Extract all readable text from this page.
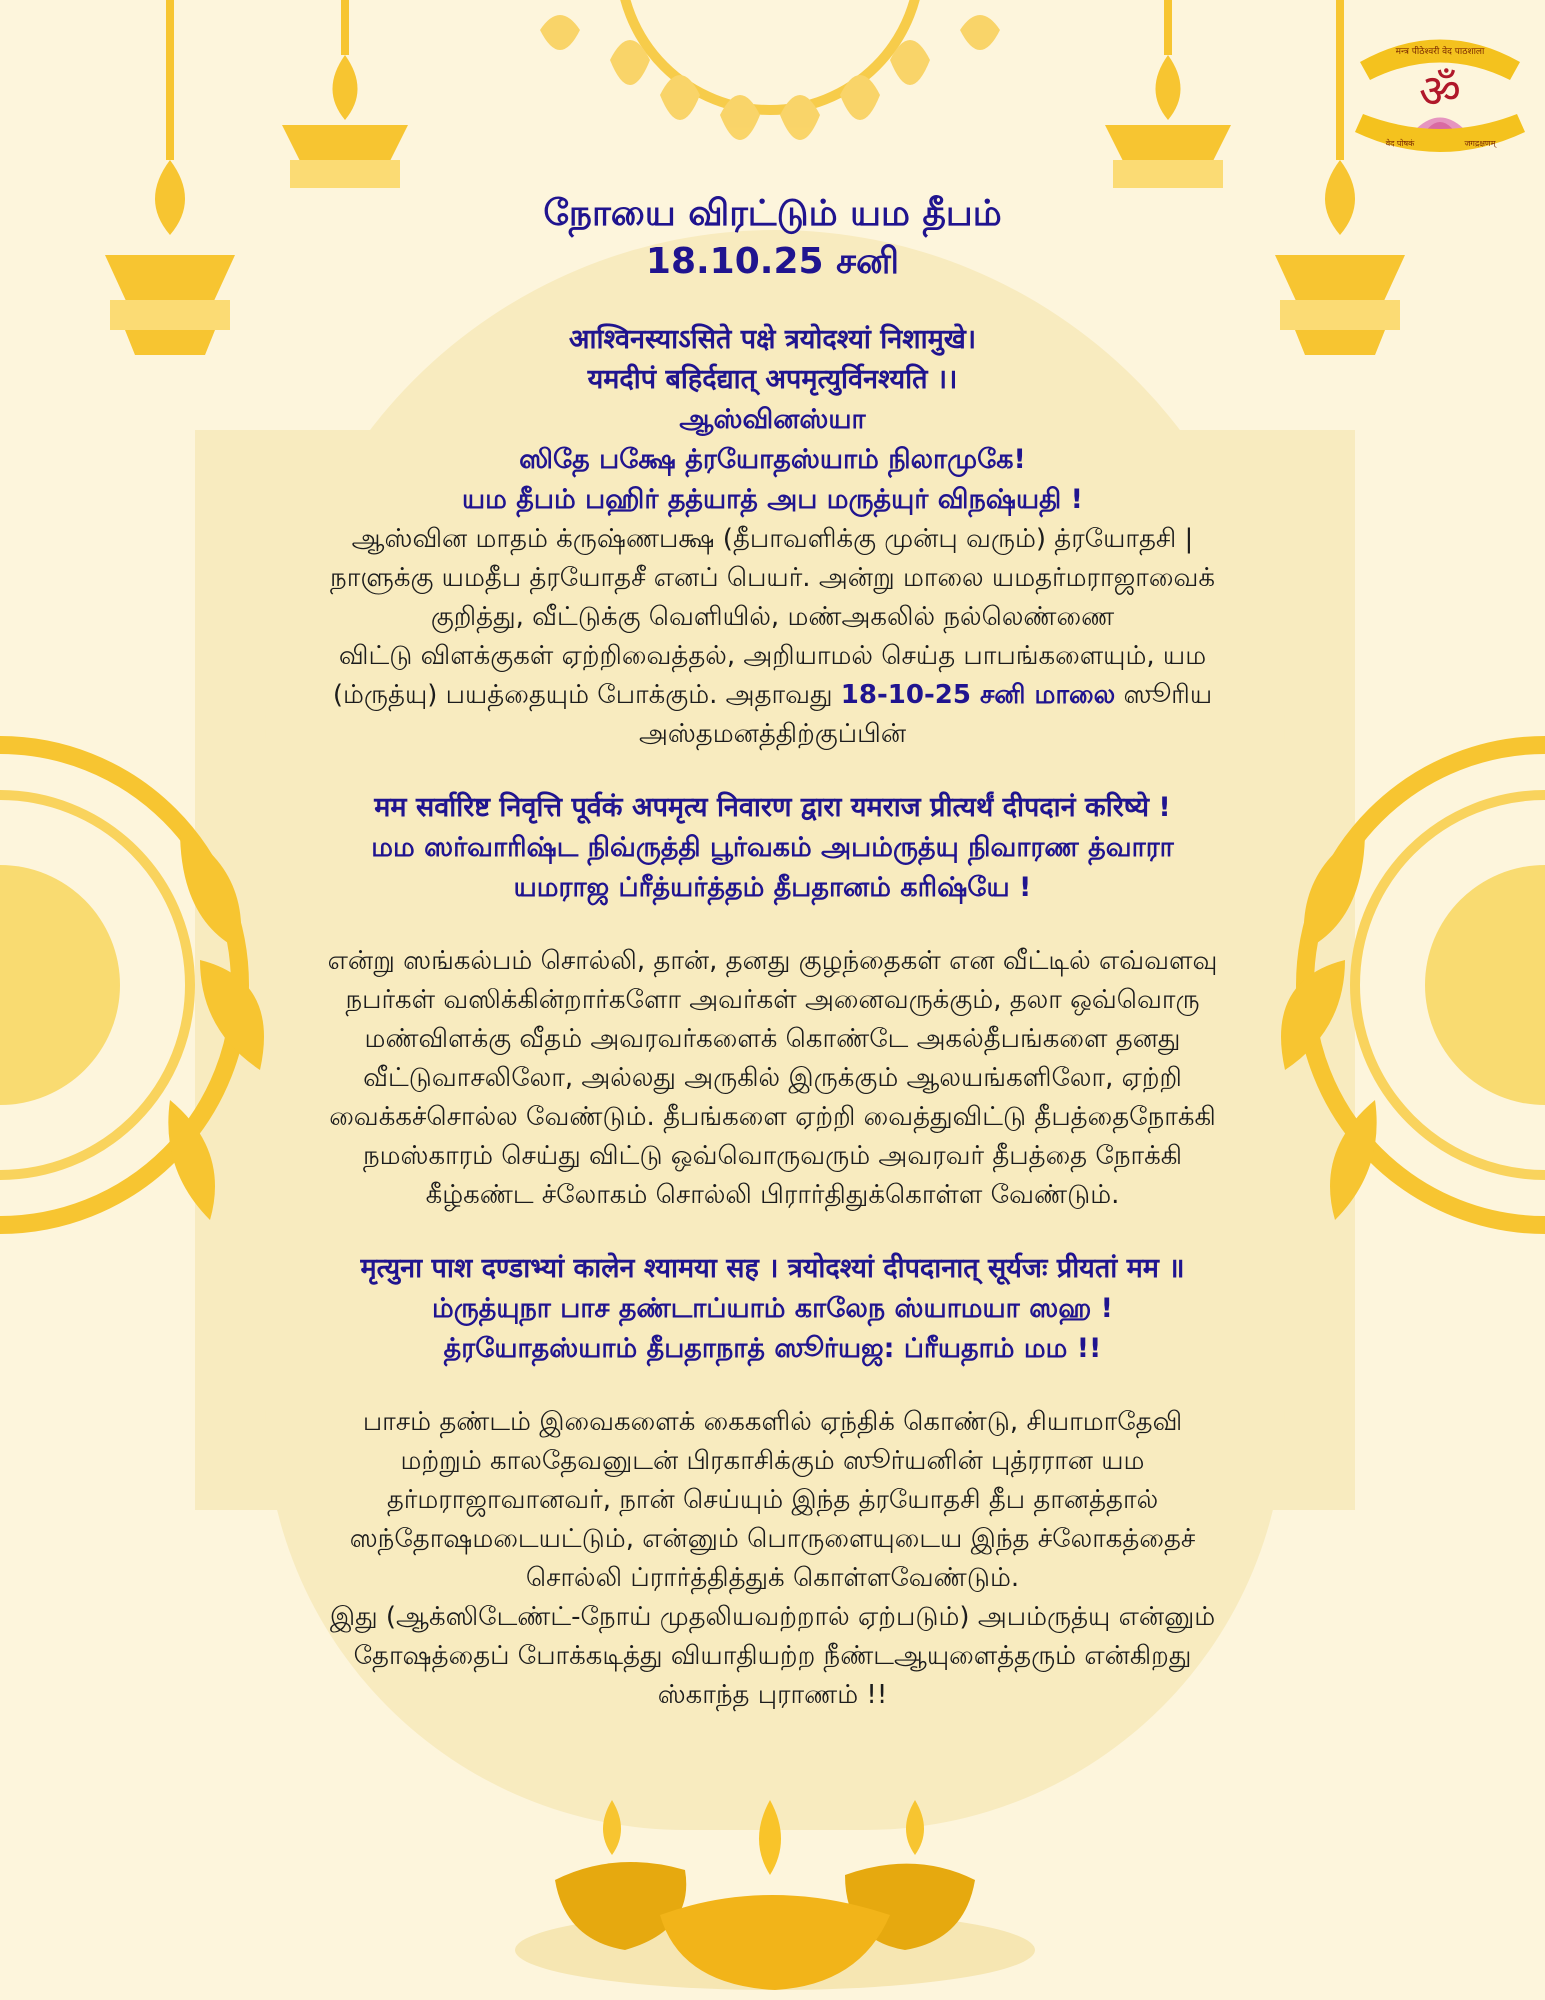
मन्त्र पीठेश्वरी वेद पाठशाला
ॐ
वेद पोषकं	जगद्रक्षणम्
நோயை விரட்டும் யம தீபம்
18.10.25 சனி
आश्विनस्याऽसिते पक्षे त्रयोदश्यां निशामुखे।
यमदीपं बहिर्दद्यात् अपमृत्युर्विनश्यति ।।
ஆஸ்வினஸ்யா
ஸிதே பக்ஷே த்ரயோதஸ்யாம் நிலாமுகே!
யம தீபம் பஹிர் தத்யாத் அப மருத்யுர் விநஷ்யதி !
ஆஸ்வின மாதம் க்ருஷ்ணபக்ஷ (தீபாவளிக்கு முன்பு வரும்) த்ரயோதசி |
நாளுக்கு யமதீப த்ரயோதசீ எனப் பெயர். அன்று மாலை யமதர்மராஜாவைக்
குறித்து, வீட்டுக்கு வெளியில், மண்அகலில் நல்லெண்ணை
விட்டு விளக்குகள் ஏற்றிவைத்தல், அறியாமல் செய்த பாபங்களையும், யம
(ம்ருத்யு) பயத்தையும் போக்கும். அதாவது 18-10-25 சனி மாலை ஸூரிய
அஸ்தமனத்திற்குப்பின்
मम सर्वारिष्ट निवृत्ति पूर्वकं अपमृत्य निवारण द्वारा यमराज प्रीत्यर्थं दीपदानं करिष्ये !
மம ஸர்வாரிஷ்ட நிவ்ருத்தி பூர்வகம் அபம்ருத்யு நிவாரண த்வாரா
யமராஜ ப்ரீத்யர்த்தம் தீபதானம் கரிஷ்யே !
என்று ஸங்கல்பம் சொல்லி, தான், தனது குழந்தைகள் என வீட்டில் எவ்வளவு
நபர்கள் வஸிக்கின்றார்களோ அவர்கள் அனைவருக்கும், தலா ஒவ்வொரு
மண்விளக்கு வீதம் அவரவர்களைக் கொண்டே அகல்தீபங்களை தனது
வீட்டுவாசலிலோ, அல்லது அருகில் இருக்கும் ஆலயங்களிலோ, ஏற்றி
வைக்கச்சொல்ல வேண்டும். தீபங்களை ஏற்றி வைத்துவிட்டு தீபத்தைநோக்கி
நமஸ்காரம் செய்து விட்டு ஒவ்வொருவரும் அவரவர் தீபத்தை நோக்கி
கீழ்கண்ட ச்லோகம் சொல்லி பிரார்திதுக்கொள்ள வேண்டும்.
मृत्युना पाश दण्डाभ्यां कालेन श्यामया सह । त्रयोदश्यां दीपदानात् सूर्यजः प्रीयतां मम ॥
ம்ருத்யுநா பாச தண்டாப்யாம் காலேந ஸ்யாமயா ஸஹ !
த்ரயோதஸ்யாம் தீபதாநாத் ஸூர்யஜ: ப்ரீயதாம் மம !!
பாசம் தண்டம் இவைகளைக் கைகளில் ஏந்திக் கொண்டு, சியாமாதேவி
மற்றும் காலதேவனுடன் பிரகாசிக்கும் ஸூர்யனின் புத்ரரான யம
தர்மராஜாவானவர், நான் செய்யும் இந்த த்ரயோதசி தீப தானத்தால்
ஸந்தோஷமடையட்டும், என்னும் பொருளையுடைய இந்த ச்லோகத்தைச்
சொல்லி ப்ரார்த்தித்துக் கொள்ளவேண்டும்.
இது (ஆக்ஸிடேண்ட்-நோய் முதலியவற்றால் ஏற்படும்) அபம்ருத்யு என்னும்
தோஷத்தைப் போக்கடித்து வியாதியற்ற நீண்டஆயுளைத்தரும் என்கிறது
ஸ்காந்த புராணம் !!
